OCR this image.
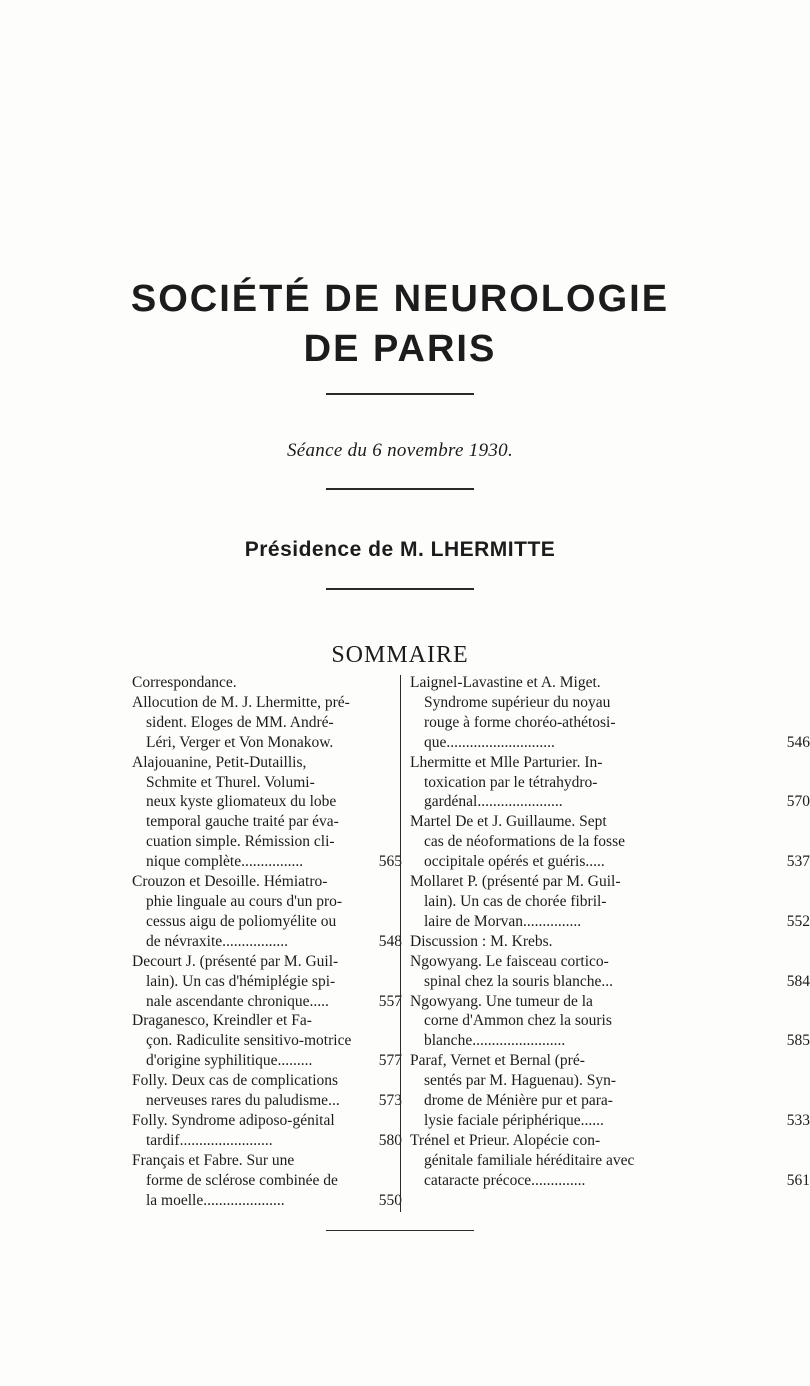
SOCIÉTÉ DE NEUROLOGIE
DE PARIS

Séance du 6 novembre 1930.

Présidence de M. LHERMITTE

SOMMAIRE

Correspondance.
Allocution de M. J. Lhermitte, pré-
sident. Eloges de MM. André-
Léri, Verger et Von Monakow.
Alajouanine, Petit-Dutaillis,
Schmite et Thurel. Volumi-
neux kyste gliomateux du lobe
temporal gauche traité par éva-
cuation simple. Rémission cli-
nique complète................	565
Crouzon et Desoille. Hémiatro-
phie linguale au cours d'un pro-
cessus aigu de poliomyélite ou
de névraxite.................	548
Decourt J. (présenté par M. Guil-
lain). Un cas d'hémiplégie spi-
nale ascendante chronique.....	557
Draganesco, Kreindler et Fa-
çon. Radiculite sensitivo-motrice
d'origine syphilitique.........	577
Folly. Deux cas de complications
nerveuses rares du paludisme...	573
Folly. Syndrome adiposo-génital
tardif........................	580
Français et Fabre. Sur une
forme de sclérose combinée de
la moelle.....................	550
Laignel-Lavastine et A. Miget.
Syndrome supérieur du noyau
rouge à forme choréo-athétosi-
que............................	546
Lhermitte et Mlle Parturier. In-
toxication par le tétrahydro-
gardénal......................	570
Martel De et J. Guillaume. Sept
cas de néoformations de la fosse
occipitale opérés et guéris.....	537
Mollaret P. (présenté par M. Guil-
lain). Un cas de chorée fibril-
laire de Morvan...............	552
Discussion : M. Krebs.
Ngowyang. Le faisceau cortico-
spinal chez la souris blanche...	584
Ngowyang. Une tumeur de la
corne d'Ammon chez la souris
blanche........................	585
Paraf, Vernet et Bernal (pré-
sentés par M. Haguenau). Syn-
drome de Ménière pur et para-
lysie faciale périphérique......	533
Trénel et Prieur. Alopécie con-
génitale familiale héréditaire avec
cataracte précoce..............	561
